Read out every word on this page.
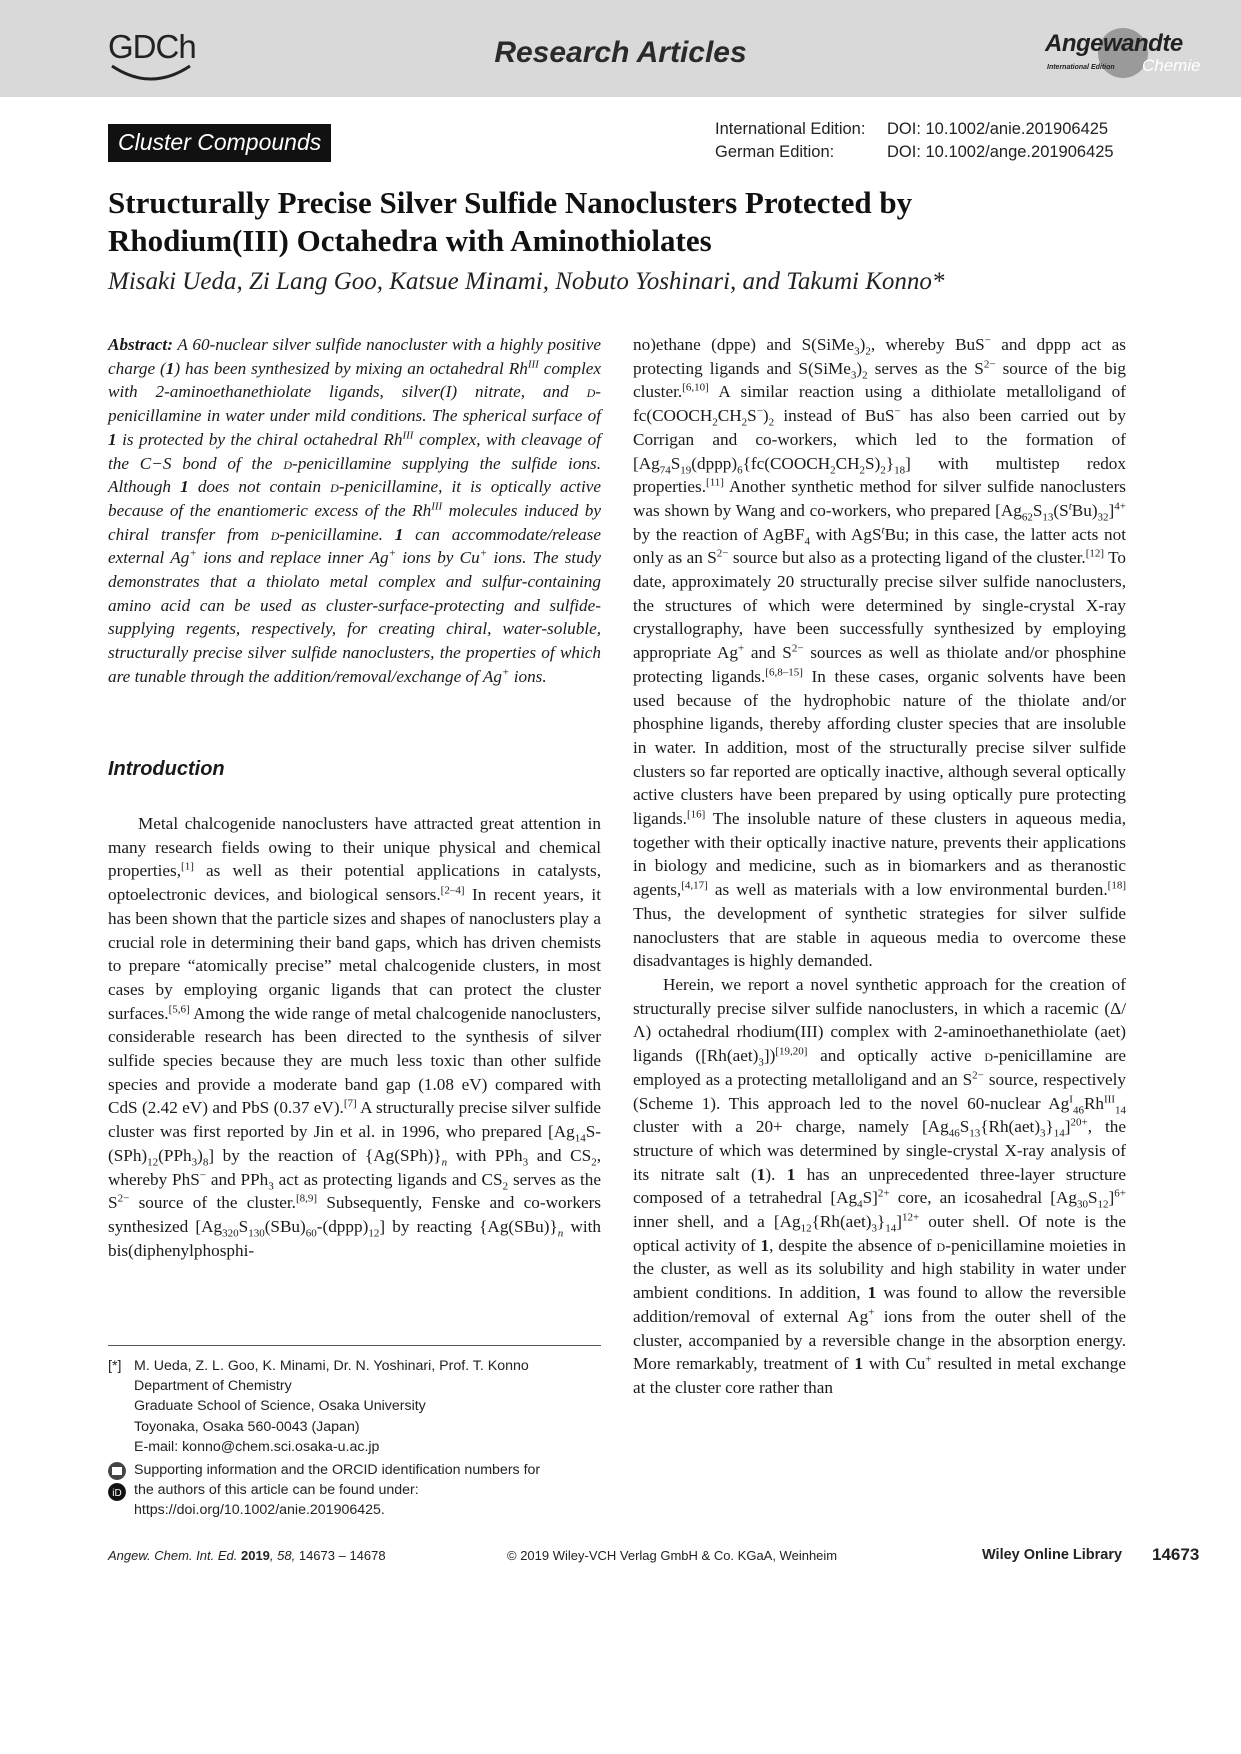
GDCh	Research Articles	Angewandte
International Edition Chemie
Cluster Compounds	International Edition: DOI: 10.1002/anie.201906425
German Edition:	DOI: 10.1002/ange.201906425
Structurally Precise Silver Sulfide Nanoclusters Protected by
Rhodium(III) Octahedra with Aminothiolates
Misaki Ueda, Zi Lang Goo, Katsue Minami, Nobuto Yoshinari, and Takumi Konno*

Abstract: A 60-nuclear silver sulfide nanocluster with a highly positive charge (1) has been synthesized by mixing an octahedral $Rh^{III}$ complex with 2-aminoethanethiolate ligands, silver(I) nitrate, and d-penicillamine in water under mild conditions. The spherical surface of 1 is protected by the chiral octahedral $Rh^{III}$ complex, with cleavage of the C−S bond of the d-penicillamine supplying the sulfide ions. Although 1 does not contain d-penicillamine, it is optically active because of the enantiomeric excess of the $Rh^{III}$ molecules induced by chiral transfer from d-penicillamine. 1 can accommodate/release external Ag+ ions and replace inner Ag+ ions by Cu+ ions. The study demonstrates that a thiolato metal complex and sulfur-containing amino acid can be used as cluster-surface-protecting and sulfide-supplying regents, respectively, for creating chiral, water-soluble, structurally precise silver sulfide nanoclusters, the properties of which are tunable through the addition/removal/exchange of Ag+ ions.

Introduction

Metal chalcogenide nanoclusters have attracted great attention in many research fields owing to their unique physical and chemical properties,[1] as well as their potential applications in catalysts, optoelectronic devices, and biological sensors.[2–4] In recent years, it has been shown that the particle sizes and shapes of nanoclusters play a crucial role in determining their band gaps, which has driven chemists to prepare “atomically precise” metal chalcogenide clusters, in most cases by employing organic ligands that can protect the cluster surfaces.[5,6] Among the wide range of metal chalcogenide nanoclusters, considerable research has been directed to the synthesis of silver sulfide species because they are much less toxic than other sulfide species and provide a moderate band gap (1.08 eV) compared with CdS (2.42 eV) and PbS (0.37 eV).[7] A structurally precise silver sulfide cluster was first reported by Jin et al. in 1996, who prepared $[Ag_{14}S-(SPh)_{12}(PPh_3)_8]$ by the reaction of $\{Ag(SPh)\}_n$ with PPh$_3$ and $CS_2$, whereby PhS− and PPh$_3$ act as protecting ligands and $CS_2$ serves as the $S^{2-}$ source of the cluster.[8,9] Subsequently, Fenske and co-workers synthesized $[Ag_{320}S_{130}(SBu)_{60}-(dppp)_{12}]$ by reacting $\{Ag(SBu)\}_n$ with bis(diphenylphosphi-

[*] M. Ueda, Z. L. Goo, K. Minami, Dr. N. Yoshinari, Prof. T. Konno
Department of Chemistry
Graduate School of Science, Osaka University
Toyonaka, Osaka 560-0043 (Japan)
E-mail: konno@chem.sci.osaka-u.ac.jp
iD
Supporting information and the ORCID identification numbers for
the authors of this article can be found under:
https://doi.org/10.1002/anie.201906425.

no)ethane (dppe) and $S(SiMe_3)_2$, whereby BuS− and dppp act as protecting ligands and $S(SiMe_3)_2$ serves as the $S^{2-}$ source of the big cluster.[6,10] A similar reaction using a dithiolate metalloligand of $fc(COOCH_2CH_2S^-)_2$ instead of BuS− has also been carried out by Corrigan and co-workers, which led to the formation of $[Ag_{74}S_{19}(dppp)_6\{fc(COOCH_2CH_2S)_2\}_{18}]$ with multistep redox properties.[11] Another synthetic method for silver sulfide nanoclusters was shown by Wang and co-workers, who prepared $[Ag_{62}S_{13}(S^tBu)_{32}]^{4+}$ by the reaction of AgBF$_4$ with AgS$^t$Bu; in this case, the latter acts not only as an $S^{2-}$ source but also as a protecting ligand of the cluster.[12] To date, approximately 20 structurally precise silver sulfide nanoclusters, the structures of which were determined by single-crystal X-ray crystallography, have been successfully synthesized by employing appropriate Ag+ and $S^{2-}$ sources as well as thiolate and/or phosphine protecting ligands.[6,8–15] In these cases, organic solvents have been used because of the hydrophobic nature of the thiolate and/or phosphine ligands, thereby affording cluster species that are insoluble in water. In addition, most of the structurally precise silver sulfide clusters so far reported are optically inactive, although several optically active clusters have been prepared by using optically pure protecting ligands.[16] The insoluble nature of these clusters in aqueous media, together with their optically inactive nature, prevents their applications in biology and medicine, such as in biomarkers and as theranostic agents,[4,17] as well as materials with a low environmental burden.[18] Thus, the development of synthetic strategies for silver sulfide nanoclusters that are stable in aqueous media to overcome these disadvantages is highly demanded.

Herein, we report a novel synthetic approach for the creation of structurally precise silver sulfide nanoclusters, in which a racemic (Δ/Λ) octahedral rhodium(III) complex with 2-aminoethanethiolate (aet) ligands $([Rh(aet)_3])[19,20]$ and optically active d-penicillamine are employed as a protecting metalloligand and an $S^{2-}$ source, respectively (Scheme 1). This approach led to the novel 60-nuclear $Ag^I_{46}Rh^{III}_{14}$ cluster with a 20+ charge, namely $[Ag_{46}S_{13}\{Rh(aet)_3\}_{14}]^{20+}$, the structure of which was determined by single-crystal X-ray analysis of its nitrate salt (1). 1 has an unprecedented three-layer structure composed of a tetrahedral $[Ag_4S]^{2+}$ core, an icosahedral $[Ag_{30}S_{12}]^{6+}$ inner shell, and a $[Ag_{12}\{Rh(aet)_3\}_{14}]^{12+}$ outer shell. Of note is the optical activity of 1, despite the absence of d-penicillamine moieties in the cluster, as well as its solubility and high stability in water under ambient conditions. In addition, 1 was found to allow the reversible addition/removal of external Ag+ ions from the outer shell of the cluster, accompanied by a reversible change in the absorption energy. More remarkably, treatment of 1 with Cu+ resulted in metal exchange at the cluster core rather than

Angew. Chem. Int. Ed. 2019, 58, 14673 – 14678	© 2019 Wiley-VCH Verlag GmbH & Co. KGaA, Weinheim	Wiley Online Library 14673
